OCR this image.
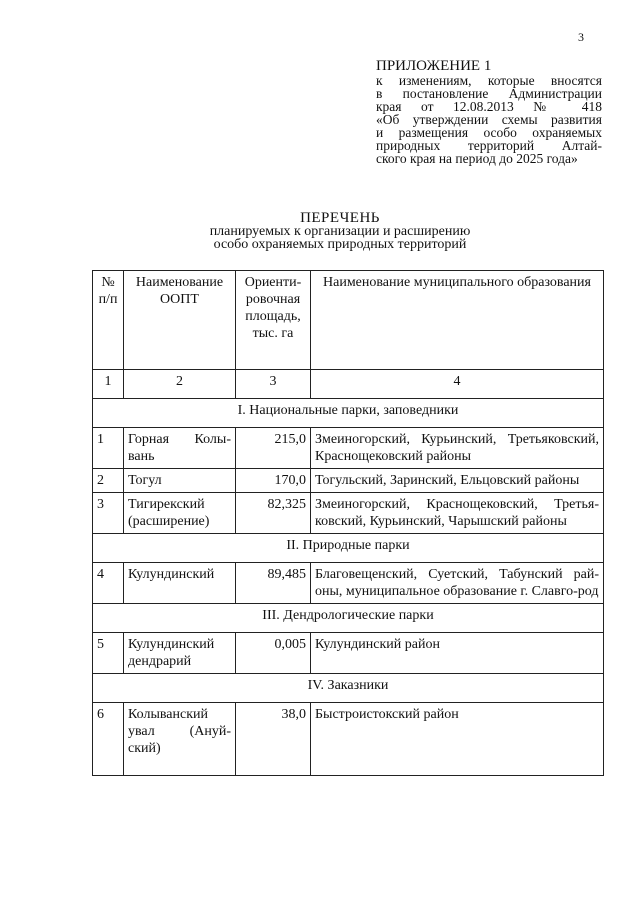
3
ПРИЛОЖЕНИЕ 1
к изменениям, которые вносятся
в постановление Администрации
края от 12.08.2013 № 418
«Об утверждении схемы развития
и размещения особо охраняемых
природных территорий Алтай-
ского края на период до 2025 года»
ПЕРЕЧЕНЬ
планируемых к организации и расширению
особо охраняемых природных территорий
№ п/п	Наименование ООПТ	Ориенти-ровочная площадь, тыс. га	Наименование муниципального образования
1	2	3	4
I. Национальные парки, заповедники			
1	Горная Колы-вань	215,0	Змеиногорский, Курьинский, Третьяковский, Краснощековский районы
2	Тогул	170,0	Тогульский, Заринский, Ельцовский районы
3	Тигирекский (расширение)	82,325	Змеиногорский, Краснощековский, Третья-ковский, Курьинский, Чарышский районы
II. Природные парки			
4	Кулундинский	89,485	Благовещенский, Суетский, Табунский рай-оны, муниципальное образование г. Славго-род
III. Дендрологические парки			
5	Кулундинский дендрарий	0,005	Кулундинский район
IV. Заказники			
6	Колыванский увал (Ануй-ский)	38,0	Быстроистокский район
